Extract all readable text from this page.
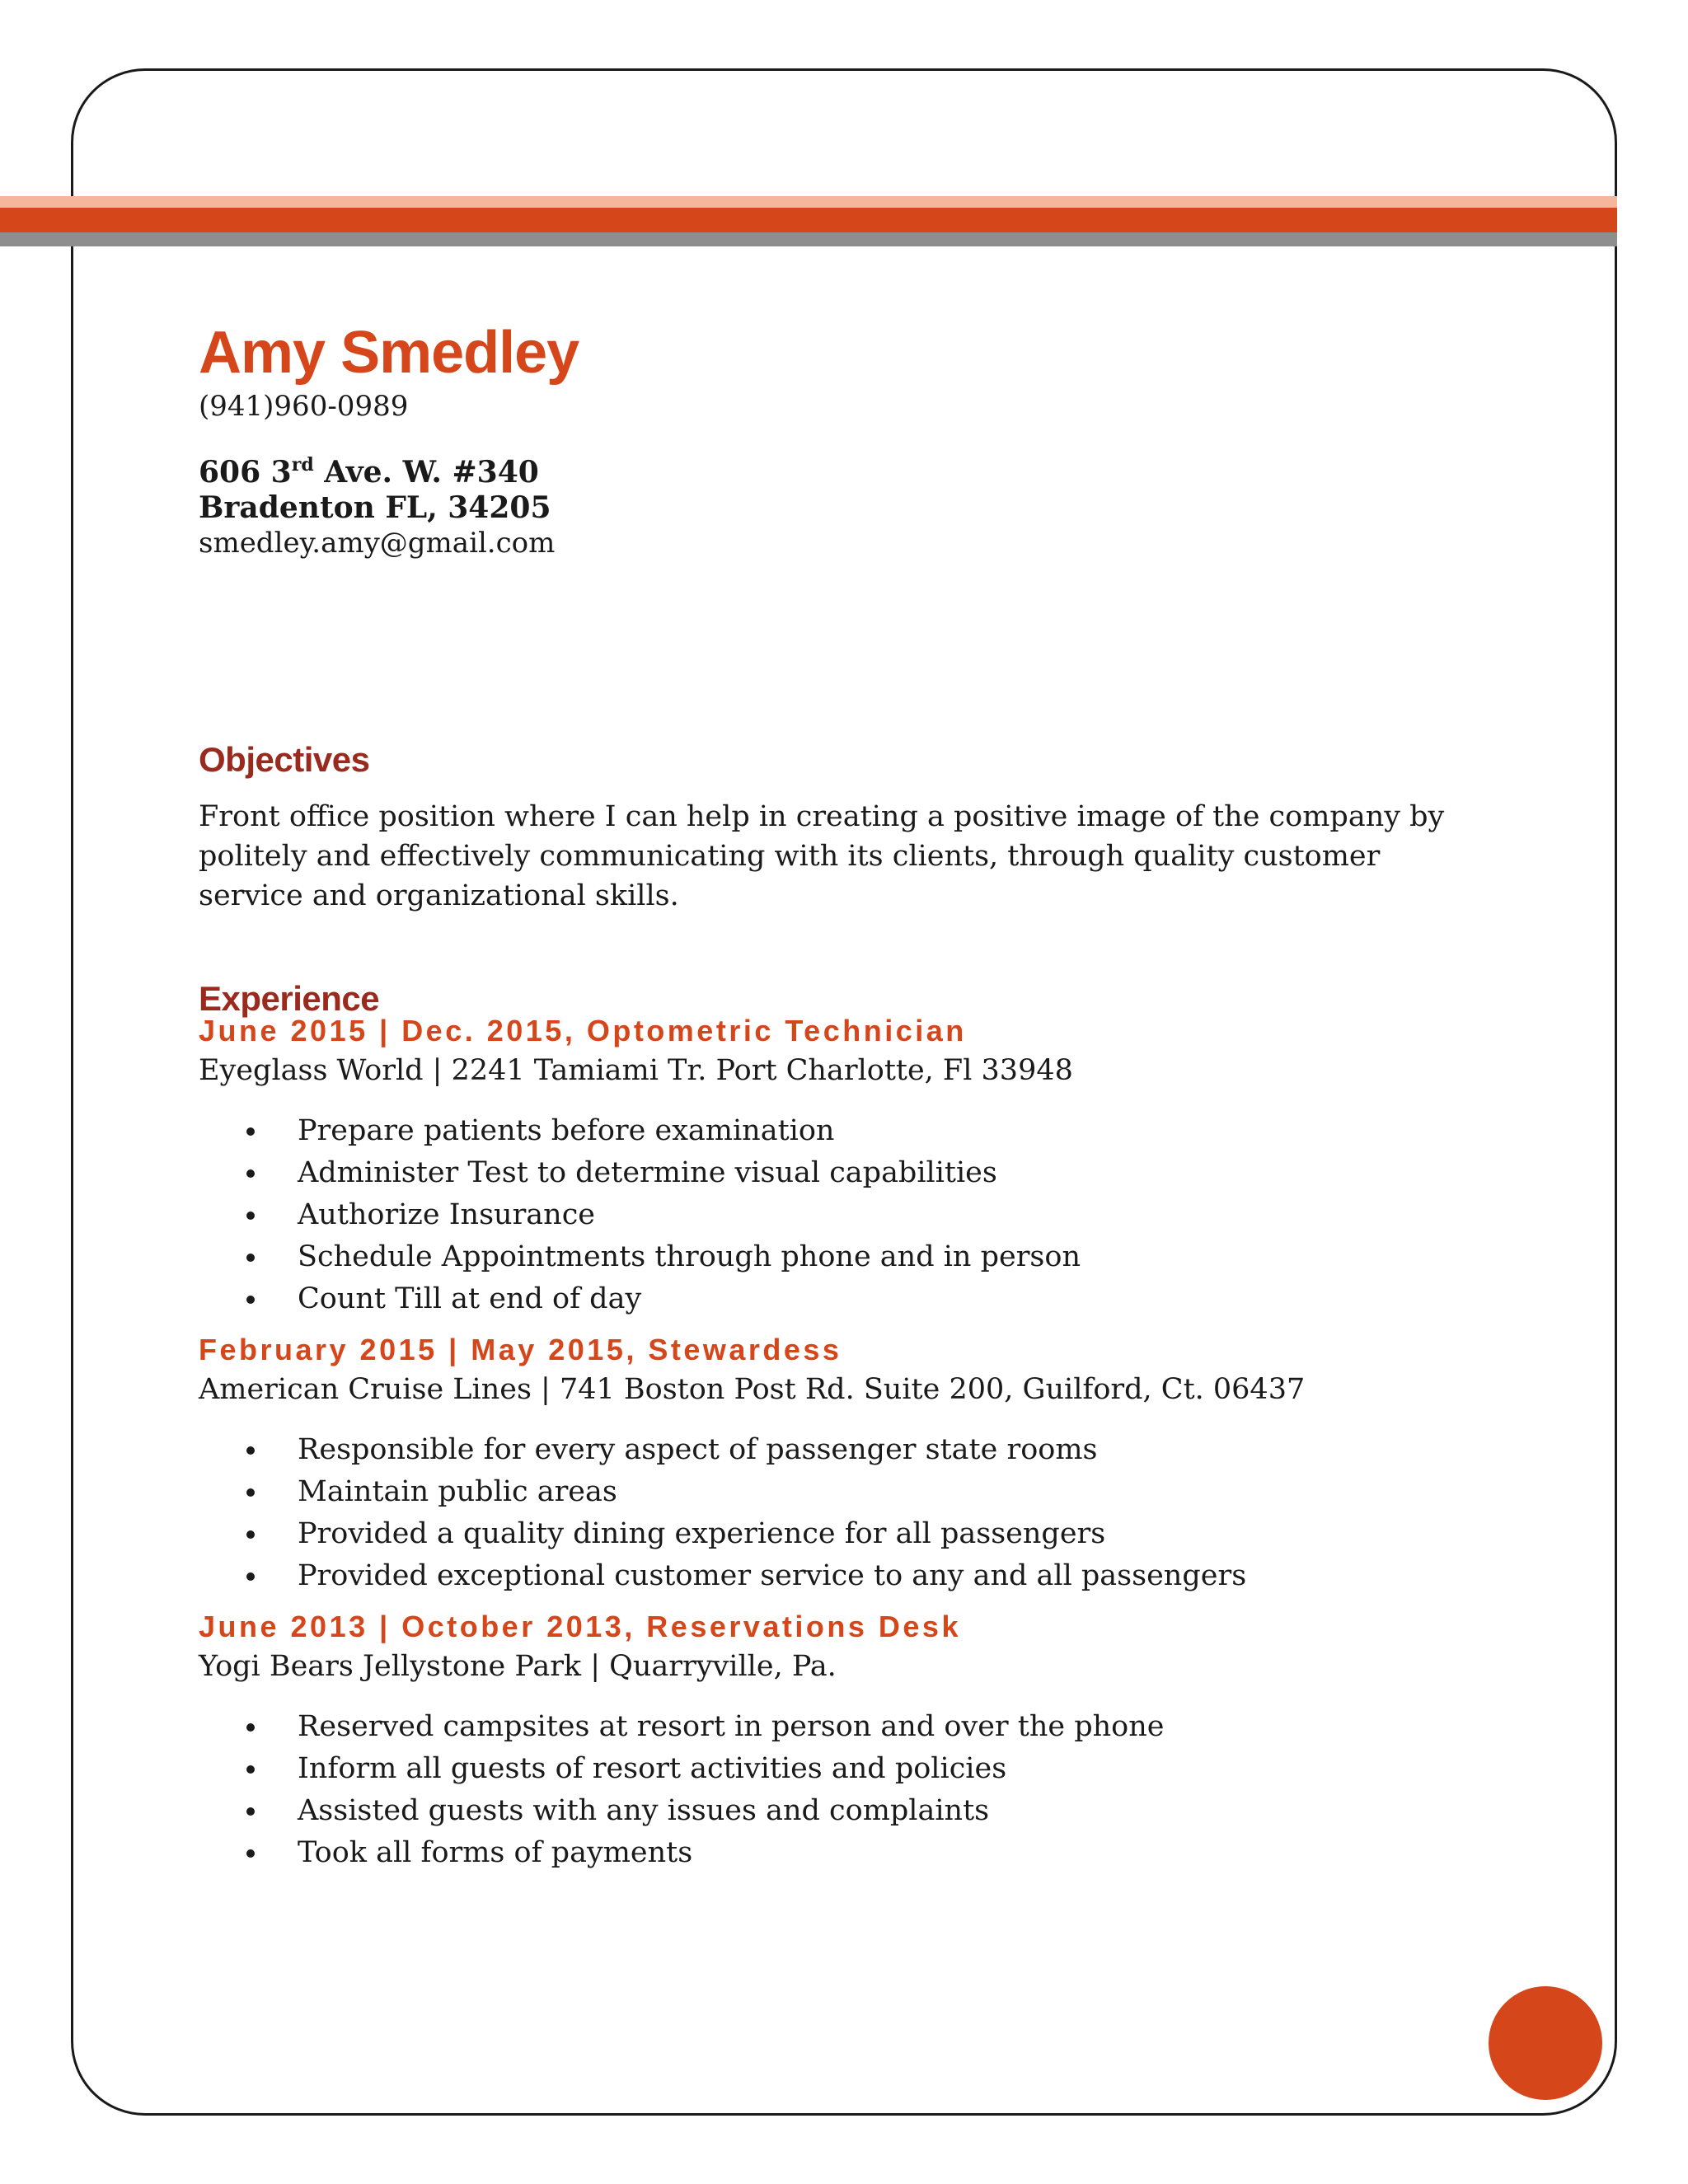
Amy Smedley
(941)960-0989
606 3rd Ave. W. #340
Bradenton FL, 34205
smedley.amy@gmail.com
Objectives
Front office position where I can help in creating a positive image of the company by politely and effectively communicating with its clients, through quality customer service and organizational skills.
Experience
June 2015 | Dec. 2015, Optometric Technician
Eyeglass World | 2241 Tamiami Tr. Port Charlotte, Fl 33948
Prepare patients before examination
Administer Test to determine visual capabilities
Authorize Insurance
Schedule Appointments through phone and in person
Count Till at end of day
February 2015 | May 2015, Stewardess
American Cruise Lines | 741 Boston Post Rd. Suite 200, Guilford, Ct. 06437
Responsible for every aspect of passenger state rooms
Maintain public areas
Provided a quality dining experience for all passengers
Provided exceptional customer service to any and all passengers
June 2013 | October 2013, Reservations Desk
Yogi Bears Jellystone Park | Quarryville, Pa.
Reserved campsites at resort in person and over the phone
Inform all guests of resort activities and policies
Assisted guests with any issues and complaints
Took all forms of payments
